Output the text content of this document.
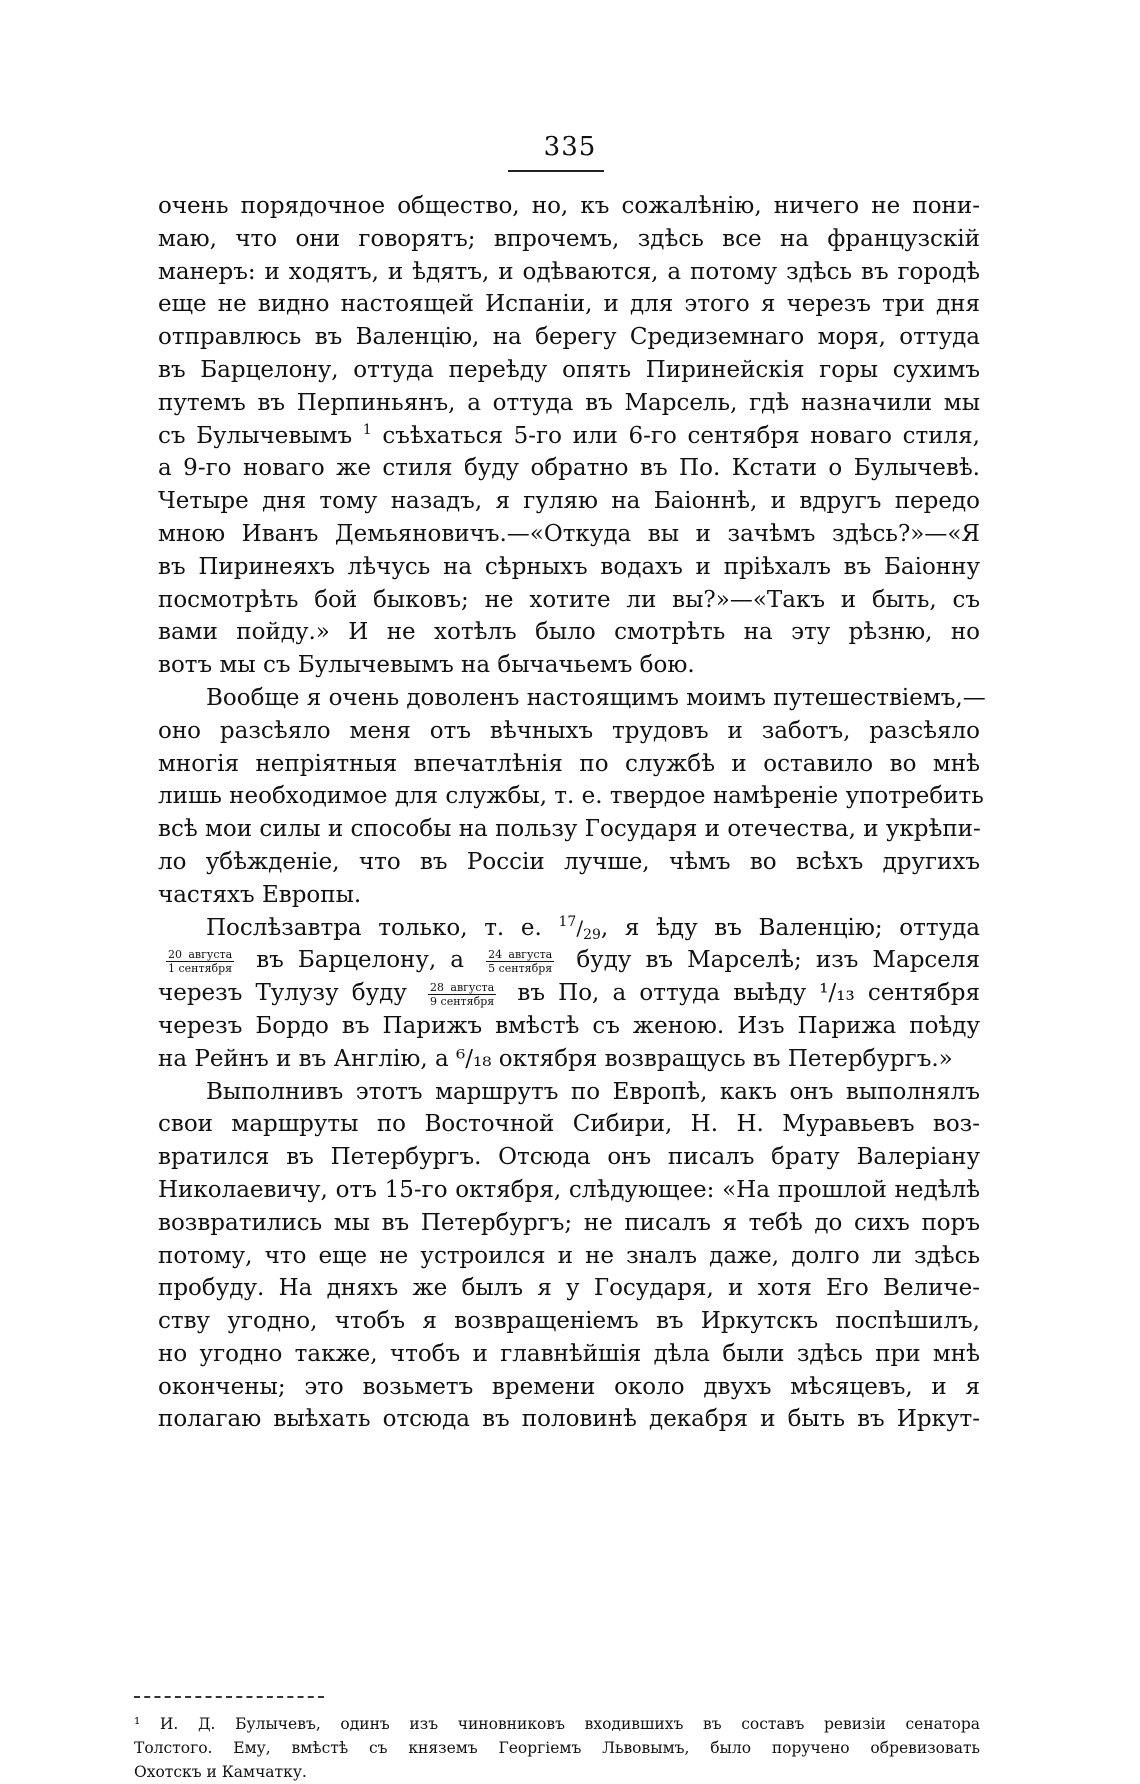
335
очень порядочное общество, но, къ сожалѣнію, ничего не пони-
маю, что они говорятъ; впрочемъ, здѣсь все на французскій
манеръ: и ходятъ, и ѣдятъ, и одѣваются, а потому здѣсь въ городѣ
еще не видно настоящей Испаніи, и для этого я черезъ три дня
отправлюсь въ Валенцію, на берегу Средиземнаго моря, оттуда
въ Барцелону, оттуда переѣду опять Пиринейскія горы сухимъ
путемъ въ Перпиньянъ, а оттуда въ Марсель, гдѣ назначили мы
съ Булычевымъ $^1$ съѣхаться 5-го или 6-го сентября новаго стиля,
а 9-го новаго же стиля буду обратно въ По. Кстати о Булычевѣ.
Четыре дня тому назадъ, я гуляю на Баіоннѣ, и вдругъ передо
мною Иванъ Демьяновичъ.—«Откуда вы и зачѣмъ здѣсь?»—«Я
въ Пиринеяхъ лѣчусь на сѣрныхъ водахъ и пріѣхалъ въ Баіонну
посмотрѣть бой быковъ; не хотите ли вы?»—«Такъ и быть, съ
вами пойду.» И не хотѣлъ было смотрѣть на эту рѣзню, но
вотъ мы съ Булычевымъ на бычачьемъ бою.
Вообще я очень доволенъ настоящимъ моимъ путешествіемъ,—
оно разсѣяло меня отъ вѣчныхъ трудовъ и заботъ, разсѣяло
многія непріятныя впечатлѣнія по службѣ и оставило во мнѣ
лишь необходимое для службы, т. е. твердое намѣреніе употребить
всѣ мои силы и способы на пользу Государя и отечества, и укрѣпи-
ло убѣжденіе, что въ Россіи лучше, чѣмъ во всѣхъ другихъ
частяхъ Европы.
Послѣзавтра только, т. е. $^{17}/_{29}$, я ѣду въ Валенцію; оттуда
$\frac{\text{20 августа}}{\text{1 сентября}}$ въ Барцелону, а $\frac{\text{24 августа}}{\text{5 сентября}}$ буду въ Марселѣ; изъ Марселя
черезъ Тулузу буду $\frac{\text{28 августа}}{\text{9 сентября}}$ въ По, а оттуда выѣду ¹/₁₃ сентября
черезъ Бордо въ Парижъ вмѣстѣ съ женою. Изъ Парижа поѣду
на Рейнъ и въ Англію, а ⁶/₁₈ октября возвращусь въ Петербургъ.»
Выполнивъ этотъ маршрутъ по Европѣ, какъ онъ выполнялъ
свои маршруты по Восточной Сибири, Н. Н. Муравьевъ воз-
вратился въ Петербургъ. Отсюда онъ писалъ брату Валеріану
Николаевичу, отъ 15-го октября, слѣдующее: «На прошлой недѣлѣ
возвратились мы въ Петербургъ; не писалъ я тебѣ до сихъ поръ
потому, что еще не устроился и не зналъ даже, долго ли здѣсь
пробуду. На дняхъ же былъ я у Государя, и хотя Его Величе-
ству угодно, чтобъ я возвращеніемъ въ Иркутскъ поспѣшилъ,
но угодно также, чтобъ и главнѣйшія дѣла были здѣсь при мнѣ
окончены; это возьметъ времени около двухъ мѣсяцевъ, и я
полагаю выѣхать отсюда въ половинѣ декабря и быть въ Иркут-
¹ И. Д. Булычевъ, одинъ изъ чиновниковъ входившихъ въ составъ ревизіи сенатора
Толстого. Ему, вмѣстѣ съ княземъ Георгіемъ Львовымъ, было поручено обревизовать
Охотскъ и Камчатку.
